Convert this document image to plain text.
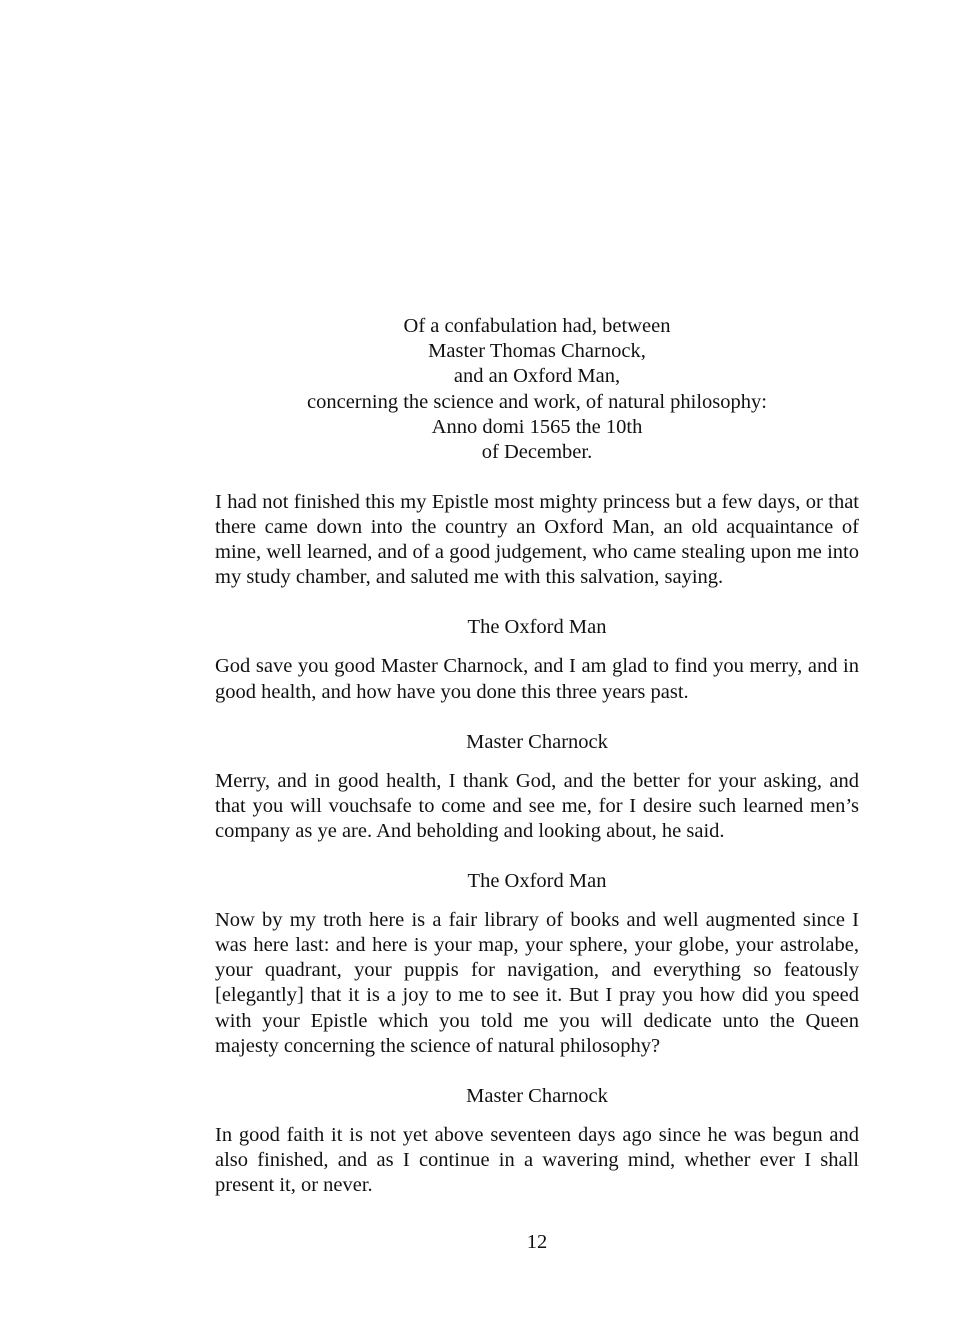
Of a confabulation had, between
Master Thomas Charnock,
and an Oxford Man,
concerning the science and work, of natural philosophy:
Anno domi 1565 the 10th
of December.

I had not finished this my Epistle most mighty princess but a few days, or that there came down into the country an Oxford Man, an old acquaintance of mine, well learned, and of a good judgement, who came stealing upon me into my study chamber, and saluted me with this salvation, saying.

The Oxford Man

God save you good Master Charnock, and I am glad to find you merry, and in good health, and how have you done this three years past.

Master Charnock

Merry, and in good health, I thank God, and the better for your asking, and that you will vouchsafe to come and see me, for I desire such learned men’s company as ye are. And beholding and looking about, he said.

The Oxford Man

Now by my troth here is a fair library of books and well augmented since I was here last: and here is your map, your sphere, your globe, your astrolabe, your quadrant, your puppis for navigation, and everything so featously [elegantly] that it is a joy to me to see it. But I pray you how did you speed with your Epistle which you told me you will dedicate unto the Queen majesty concerning the science of natural philosophy?

Master Charnock

In good faith it is not yet above seventeen days ago since he was begun and also finished, and as I continue in a wavering mind, whether ever I shall present it, or never.

12
